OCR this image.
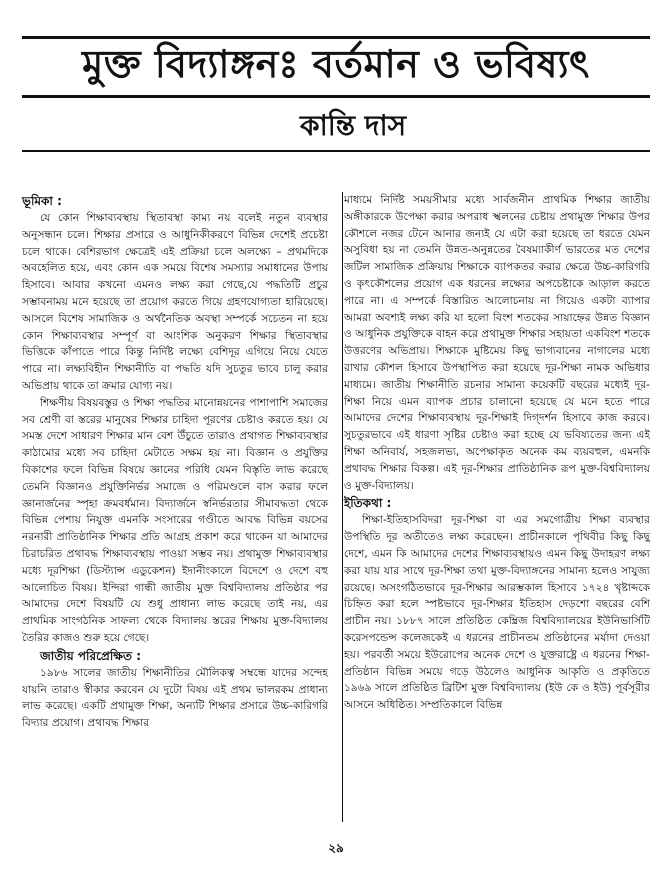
মুক্ত বিদ্যাঙ্গনঃ বর্তমান ও ভবিষ্যৎ
কান্তি দাস
ভূমিকা :

যে কোন শিক্ষাব্যবস্থায় স্থিতাবস্থা কাম্য নয় বলেই নতুন ব্যবস্থার অনুসন্ধান চলে। শিক্ষার প্রসারে ও আধুনিকীকরণে বিভিন্ন দেশেই প্রচেষ্টা চলে থাকে। বেশিরভাগ ক্ষেত্রেই এই প্রক্রিয়া চলে অলক্ষ্যে – প্রথমদিকে অবহেলিত হয়ে, এবং কোন এক সময়ে বিশেষ সমস্যার সমাধানের উপায় হিসাবে। আবার কখনো এমনও লক্ষ্য করা গেছে,যে পদ্ধতিটি প্রচুর সম্ভাবনাময় মনে হয়েছে তা প্রয়োগ করতে গিয়ে গ্রহণযোগ্যতা হারিয়েছে। আসলে বিশেষ সামাজিক ও অর্থনৈতিক অবস্থা সম্পর্কে সচেতন না হয়ে কোন শিক্ষাব্যবস্থার সম্পূর্ণ বা আংশিক অনুকরণ শিক্ষার স্থিতাবস্থার ভিত্তিকে কাঁপাতে পারে কিন্তু নির্দিষ্ট লক্ষ্যে বেশিদূর এগিয়ে নিয়ে যেতে পারে না। লক্ষ্যবিহীন শিক্ষানীতি বা পদ্ধতি যদি সুচতুর ভাবে চালু করার অভিপ্রায় থাকে তা ক্রমার যোগ্য নয়।

শিক্ষণীয় বিষয়বস্তুর ও শিক্ষা পদ্ধতির মানোন্নয়নের পাশাপাশি সমাজের সব শ্রেণী বা স্তরের মানুষের শিক্ষার চাহিদা পূরণের চেষ্টাও করতে হয়। যে সমস্ত দেশে সাধারণ শিক্ষার মান বেশ উঁচুতে তারাও প্রথাগত শিক্ষাব্যবস্থার কাঠামোর মধ্যে সব চাহিদা মেটাতে সক্ষম হয় না। বিজ্ঞান ও প্রযুক্তির বিকাশের ফলে বিভিন্ন বিষয়ে জ্ঞানের পরিধি যেমন বিস্তৃতি লাভ করেছে তেমনি বিজ্ঞানও প্রযুক্তিনির্ভর সমাজে ও পরিমণ্ডলে বাস করার ফলে জ্ঞানার্জনের স্পৃহা ক্রমবর্ধমান। বিদ্যার্জনে স্বনির্ভরতার সীমাবদ্ধতা থেকে বিভিন্ন পেশায় নিযুক্ত এমনকি সংসারের গণ্ডীতে আবদ্ধ বিভিন্ন বয়সের নরনারী প্রাতিষ্ঠানিক শিক্ষার প্রতি আগ্রহ প্রকাশ করে থাকেন যা আমাদের চিরাচরিত প্রথাবদ্ধ শিক্ষাব্যবস্থায় পাওয়া সম্ভব নয়। প্রথামুক্ত শিক্ষাব্যবস্থার মধ্যে দূরশিক্ষা (ডিস্ট্যান্স এডুকেশন) ইদানীংকালে বিদেশে ও দেশে বহু আলোচিত বিষয়। ইন্দিরা গান্ধী জাতীয় মুক্ত বিশ্ববিদ্যালয় প্রতিষ্ঠার পর আমাদের দেশে বিষয়টি যে শুধু প্রাধান্য লাভ করেছে তাই নয়, এর প্রাথমিক সাংগঠনিক সাফল্য থেকে বিদ্যালয় স্তরের শিক্ষায় মুক্ত-বিদ্যালয় তৈরির কাজও শুরু হয়ে গেছে।

জাতীয় পরিপ্রেক্ষিত :

১৯৮৬ সালের জাতীয় শিক্ষানীতির মৌলিকত্ব সম্বন্ধে যাদের সন্দেহ যায়নি তারাও স্বীকার করবেন যে দুটো বিষয় এই প্রথম ভালরকম প্রাধান্য লাভ করেছে। একটি প্রথামুক্ত শিক্ষা, অন্যটি শিক্ষার প্রসারে উচ্চ-কারিগরি বিদ্যার প্রয়োগ। প্রথাবদ্ধ শিক্ষার

মাধ্যমে নির্দিষ্ট সময়সীমার মধ্যে সার্বজনীন প্রাথমিক শিক্ষার জাতীয় অঙ্গীকারকে উপেক্ষা করার অপরাধ স্খলনের চেষ্টায় প্রথামুক্ত শিক্ষার উপর কৌশলে নজর টেনে আনার জন্যই যে এটা করা হয়েছে তা ধরতে যেমন অসুবিধা হয় না তেমনি উন্নত-অনুন্নতের বৈষম্যাকীর্ণ ভারতের মত দেশের জটিল সামাজিক প্রক্রিয়ায় শিক্ষাকে ব্যাপকতর করার ক্ষেত্রে উচ্চ-কারিগরি ও কৃৎকৌশলের প্রয়োগ এক ধরনের লক্ষ্যের অপচেষ্টাকে আড়াল করতে পারে না। এ সম্পর্কে বিস্তারিত আলোচনায় না গিয়েও একটা ব্যাপার আমরা অবশ্যই লক্ষ্য করি যা হলো বিংশ শতকের সায়াহ্নের উন্নত বিজ্ঞান ও আধুনিক প্রযুক্তিকে বাহন করে প্রথামুক্ত শিক্ষার সহায়তা একবিংশ শতকে উত্তরণের অভিপ্রায়। শিক্ষাকে মুষ্টিমেয় কিছু ভাগ্যবানের নাগালের মধ্যে রাখার কৌশল হিসাবে উপস্থাপিত করা হয়েছে দূর-শিক্ষা নামক অভিধার মাধ্যমে। জাতীয় শিক্ষানীতি রচনার সামান্য কয়েকটি বছরের মধ্যেই দূর-শিক্ষা নিয়ে এমন ব্যাপক প্রচার চালানো হয়েছে যে মনে হতে পারে আমাদের দেশের শিক্ষাব্যবস্থায় দূর-শিক্ষাই দিগ্‌দর্শন হিসাবে কাজ করবে। সুচতুরভাবে এই ধারণা সৃষ্টির চেষ্টাও করা হচ্ছে যে ভবিষ্যতের জন্য এই শিক্ষা অনিবার্য, সহজলভ্য, অপেক্ষাকৃত অনেক কম ব্যয়বহুল, এমনকি প্রথাবদ্ধ শিক্ষার বিকল্প। এই দূর-শিক্ষার প্রাতিষ্ঠানিক রূপ মুক্ত-বিশ্ববিদ্যালয় ও মুক্ত-বিদ্যালয়।

ইতিকথা :

শিক্ষা-ইতিহাসবিদরা দূর-শিক্ষা বা এর সমগোত্রীয় শিক্ষা ব্যবস্থার উপস্থিতি দূর অতীতেও লক্ষ্য করেছেন। প্রাচীনকালে পৃথিবীর কিছু কিছু দেশে, এমন কি আমাদের দেশের শিক্ষাব্যবস্থায়ও এমন কিছু উদাহরণ লক্ষ্য করা যায় যার সাথে দূর-শিক্ষা তথা মুক্ত-বিদ্যাঙ্গনের সামান্য হলেও সাযুজ্য রয়েছে। অসংগঠিতভাবে দূর-শিক্ষার আরম্ভকাল হিসাবে ১৭২৪ খৃষ্টাব্দকে চিহ্নিত করা হলে স্পষ্টভাবে দূর-শিক্ষার ইতিহাস দেড়শো বছরের বেশি প্রাচীন নয়। ১৮৮৭ সালে প্রতিষ্ঠিত কেম্ব্রিজ বিশ্ববিদ্যালয়ের ইউনিভার্সিটি করেসপন্ডেন্স কলেজকেই এ ধরনের প্রাচীনতম প্রতিষ্ঠানের মর্যাদা দেওয়া হয়। পরবর্তী সময়ে ইউরোপের অনেক দেশে ও যুক্তরাষ্ট্রে এ ধরনের শিক্ষা-প্রতিষ্ঠান বিভিন্ন সময়ে গড়ে উঠলেও আধুনিক আকৃতি ও প্রকৃতিতে ১৯৬৯ সালে প্রতিষ্ঠিত ব্রিটিশ মুক্ত বিশ্ববিদ্যালয় (ইউ কে ও ইউ) পূর্বসূরীর আসনে অধিষ্ঠিত। সম্প্রতিকালে বিভিন্ন

২৯
